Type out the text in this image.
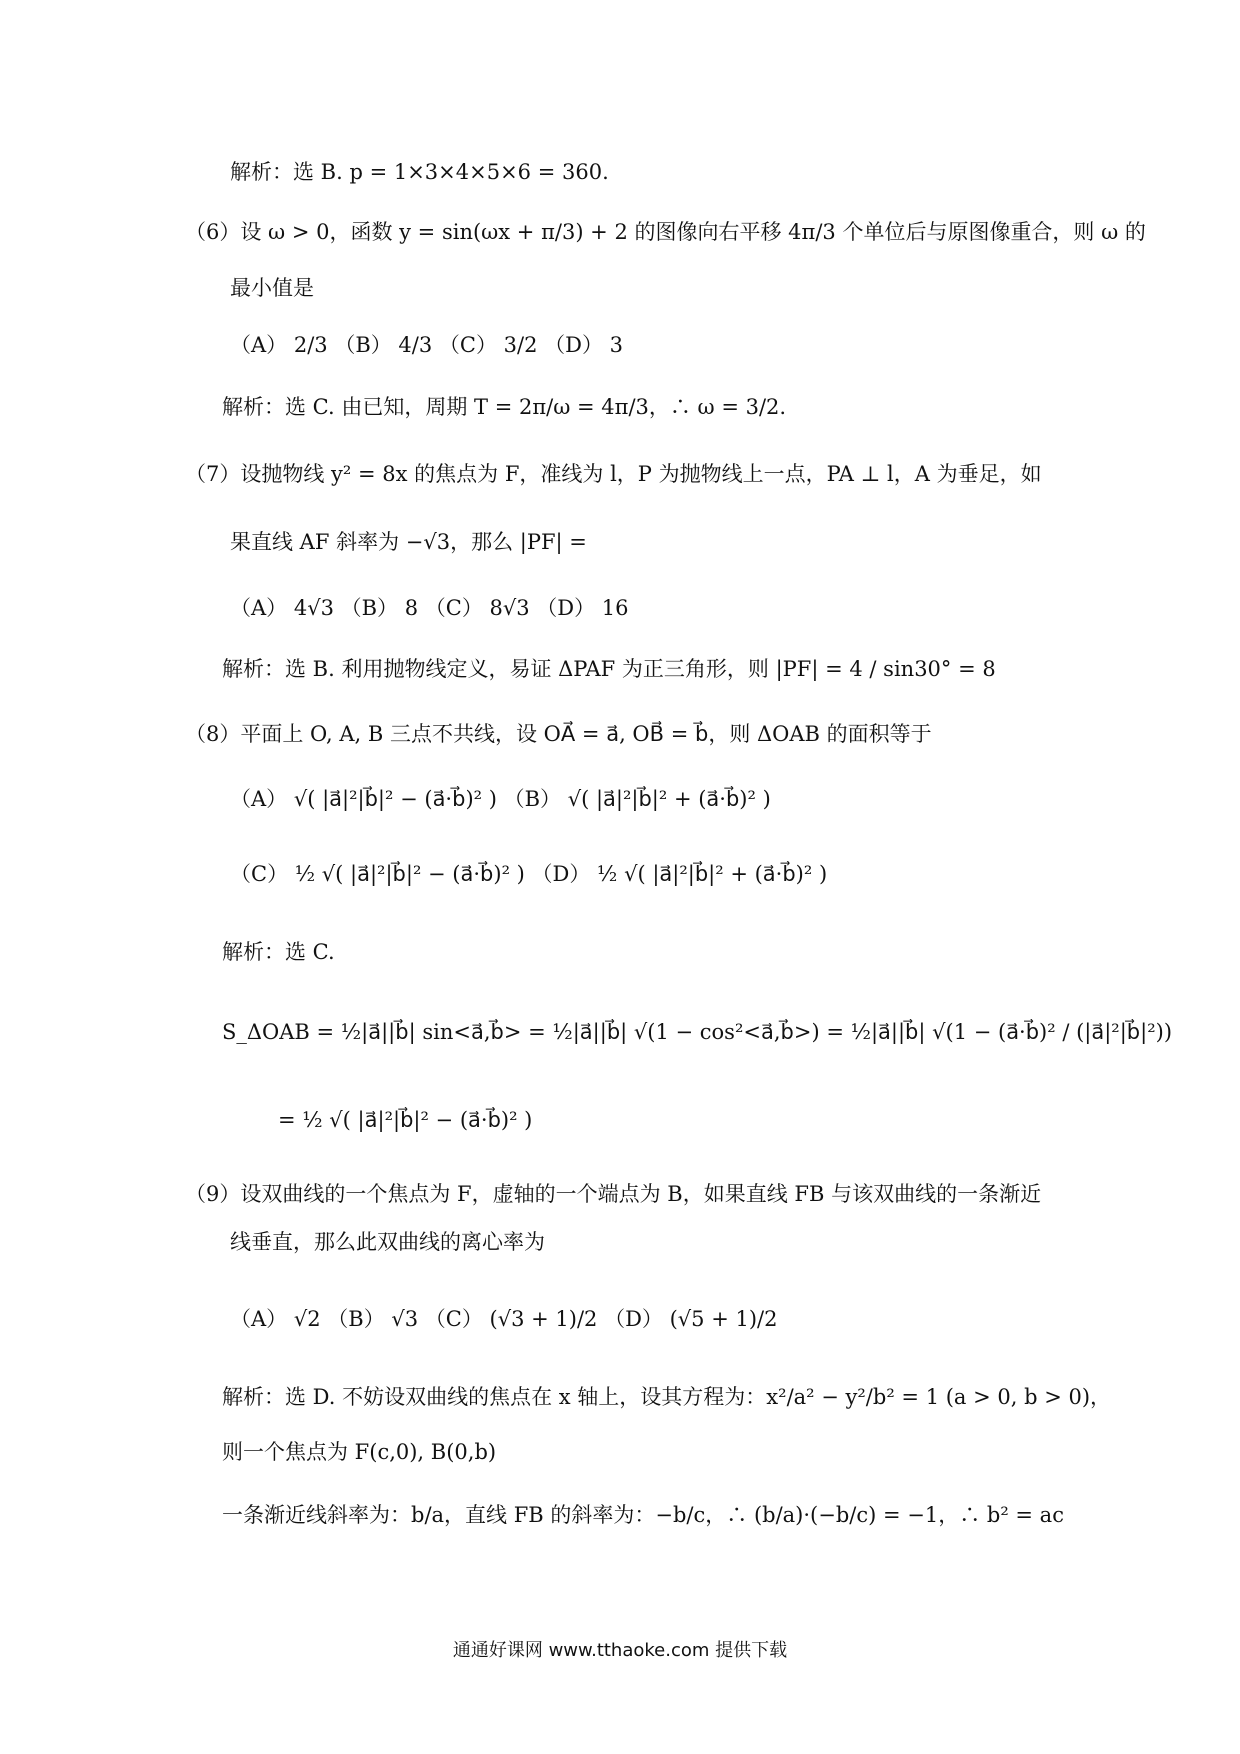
解析：选 B. p = 1×3×4×5×6 = 360.
（6）设 ω > 0，函数 y = sin(ωx + π/3) + 2 的图像向右平移 4π/3 个单位后与原图像重合，则 ω 的
最小值是
（A） 2/3 （B） 4/3 （C） 3/2 （D） 3
解析：选 C. 由已知，周期 T = 2π/ω = 4π/3，∴ ω = 3/2.
（7）设抛物线 y² = 8x 的焦点为 F，准线为 l，P 为抛物线上一点，PA ⊥ l，A 为垂足，如
果直线 AF 斜率为 −√3，那么 |PF| =
（A） 4√3 （B） 8 （C） 8√3 （D） 16
解析：选 B. 利用抛物线定义，易证 ΔPAF 为正三角形，则 |PF| = 4 / sin30° = 8
（8）平面上 O, A, B 三点不共线，设 OA⃗ = a⃗, OB⃗ = b⃗，则 ΔOAB 的面积等于
（A） √( |a⃗|²|b⃗|² − (a⃗·b⃗)² ) （B） √( |a⃗|²|b⃗|² + (a⃗·b⃗)² )
（C） ½ √( |a⃗|²|b⃗|² − (a⃗·b⃗)² ) （D） ½ √( |a⃗|²|b⃗|² + (a⃗·b⃗)² )
解析：选 C.
S_ΔOAB = ½|a⃗||b⃗| sin<a⃗,b⃗> = ½|a⃗||b⃗| √(1 − cos²<a⃗,b⃗>) = ½|a⃗||b⃗| √(1 − (a⃗·b⃗)² / (|a⃗|²|b⃗|²))
= ½ √( |a⃗|²|b⃗|² − (a⃗·b⃗)² )
（9）设双曲线的一个焦点为 F，虚轴的一个端点为 B，如果直线 FB 与该双曲线的一条渐近
线垂直，那么此双曲线的离心率为
（A） √2 （B） √3 （C） (√3 + 1)/2 （D） (√5 + 1)/2
解析：选 D. 不妨设双曲线的焦点在 x 轴上，设其方程为：x²/a² − y²/b² = 1 (a > 0, b > 0)，
则一个焦点为 F(c,0), B(0,b)
一条渐近线斜率为：b/a，直线 FB 的斜率为：−b/c，∴ (b/a)·(−b/c) = −1，∴ b² = ac
通通好课网 www.tthaoke.com 提供下载
